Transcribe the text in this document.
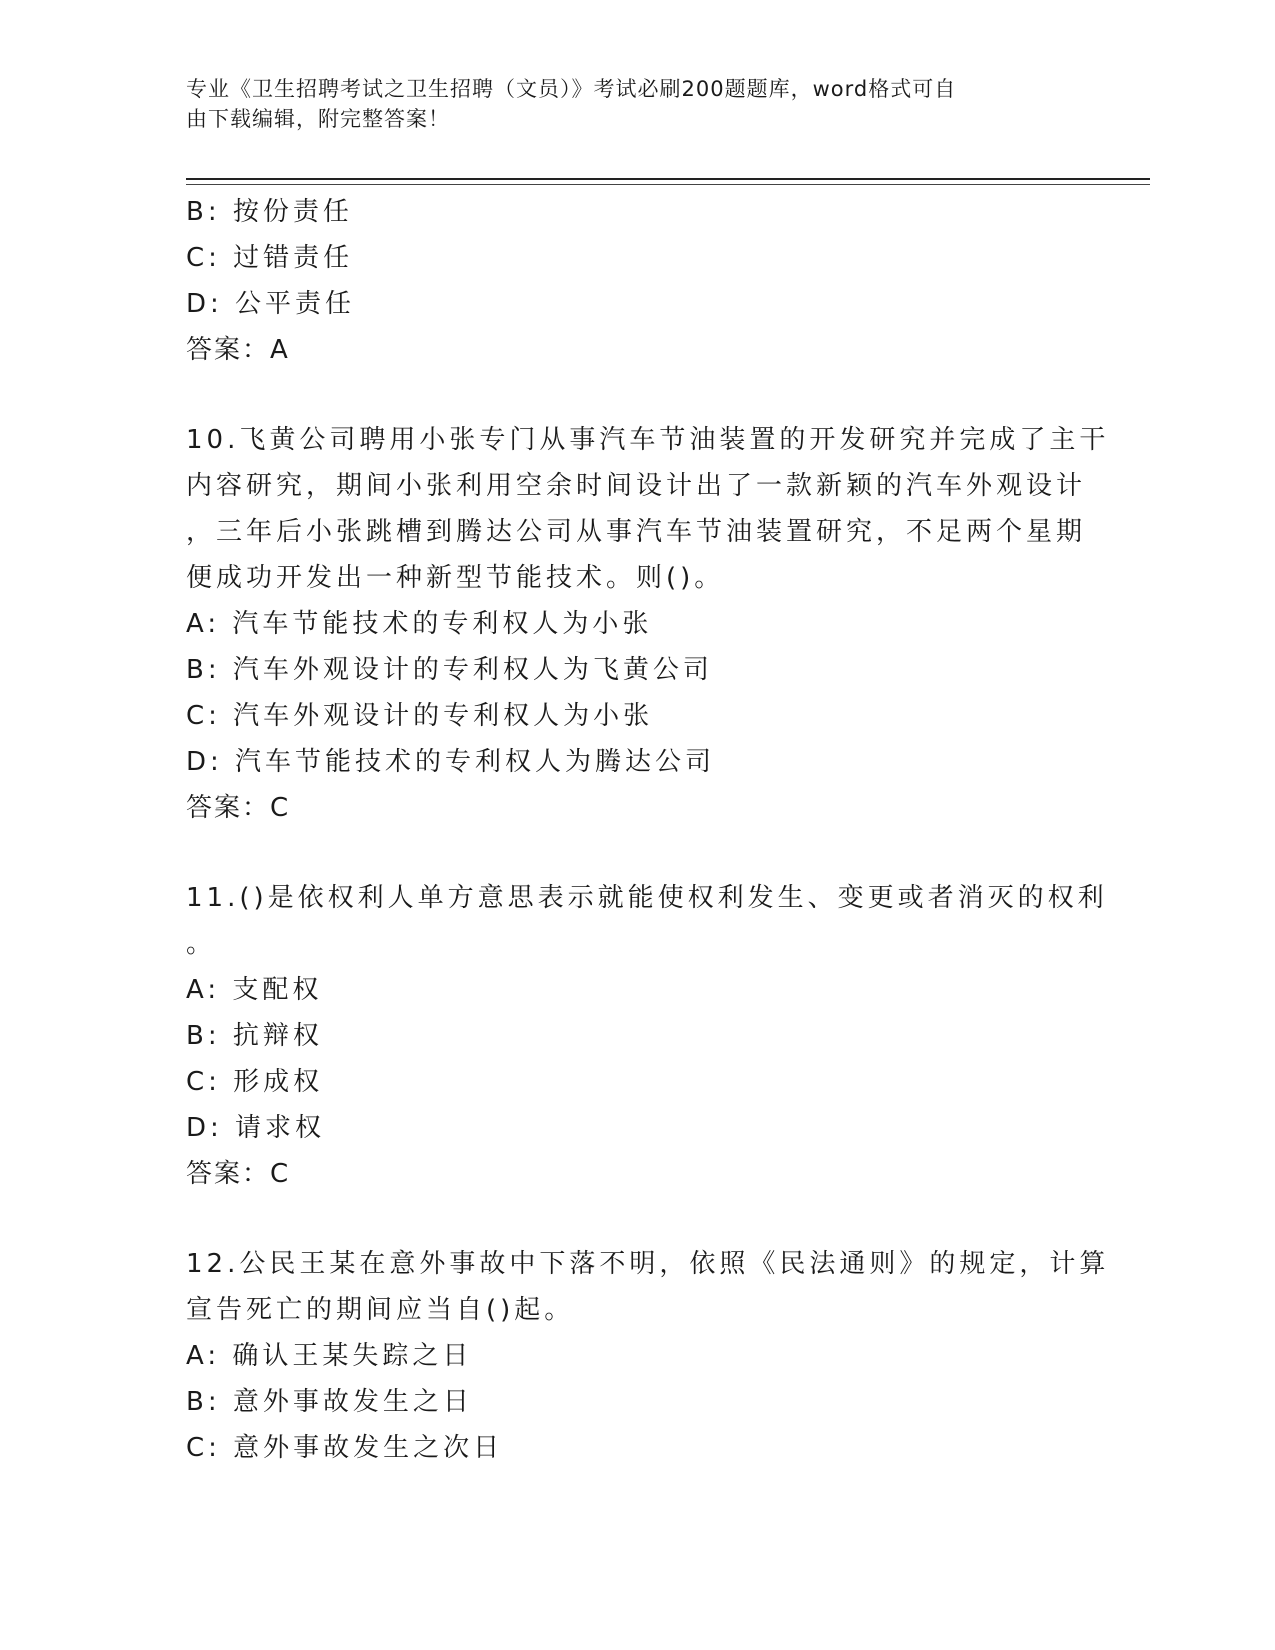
专业《卫生招聘考试之卫生招聘（文员）》考试必刷200题题库，word格式可自
由下载编辑，附完整答案！
B: 按份责任
C: 过错责任
D: 公平责任
答案：A
10.飞黄公司聘用小张专门从事汽车节油装置的开发研究并完成了主干
内容研究，期间小张利用空余时间设计出了一款新颖的汽车外观设计
，三年后小张跳槽到腾达公司从事汽车节油装置研究，不足两个星期
便成功开发出一种新型节能技术。则()。
A: 汽车节能技术的专利权人为小张
B: 汽车外观设计的专利权人为飞黄公司
C: 汽车外观设计的专利权人为小张
D: 汽车节能技术的专利权人为腾达公司
答案：C
11.()是依权利人单方意思表示就能使权利发生、变更或者消灭的权利
。
A: 支配权
B: 抗辩权
C: 形成权
D: 请求权
答案：C
12.公民王某在意外事故中下落不明，依照《民法通则》的规定，计算
宣告死亡的期间应当自()起。
A: 确认王某失踪之日
B: 意外事故发生之日
C: 意外事故发生之次日
